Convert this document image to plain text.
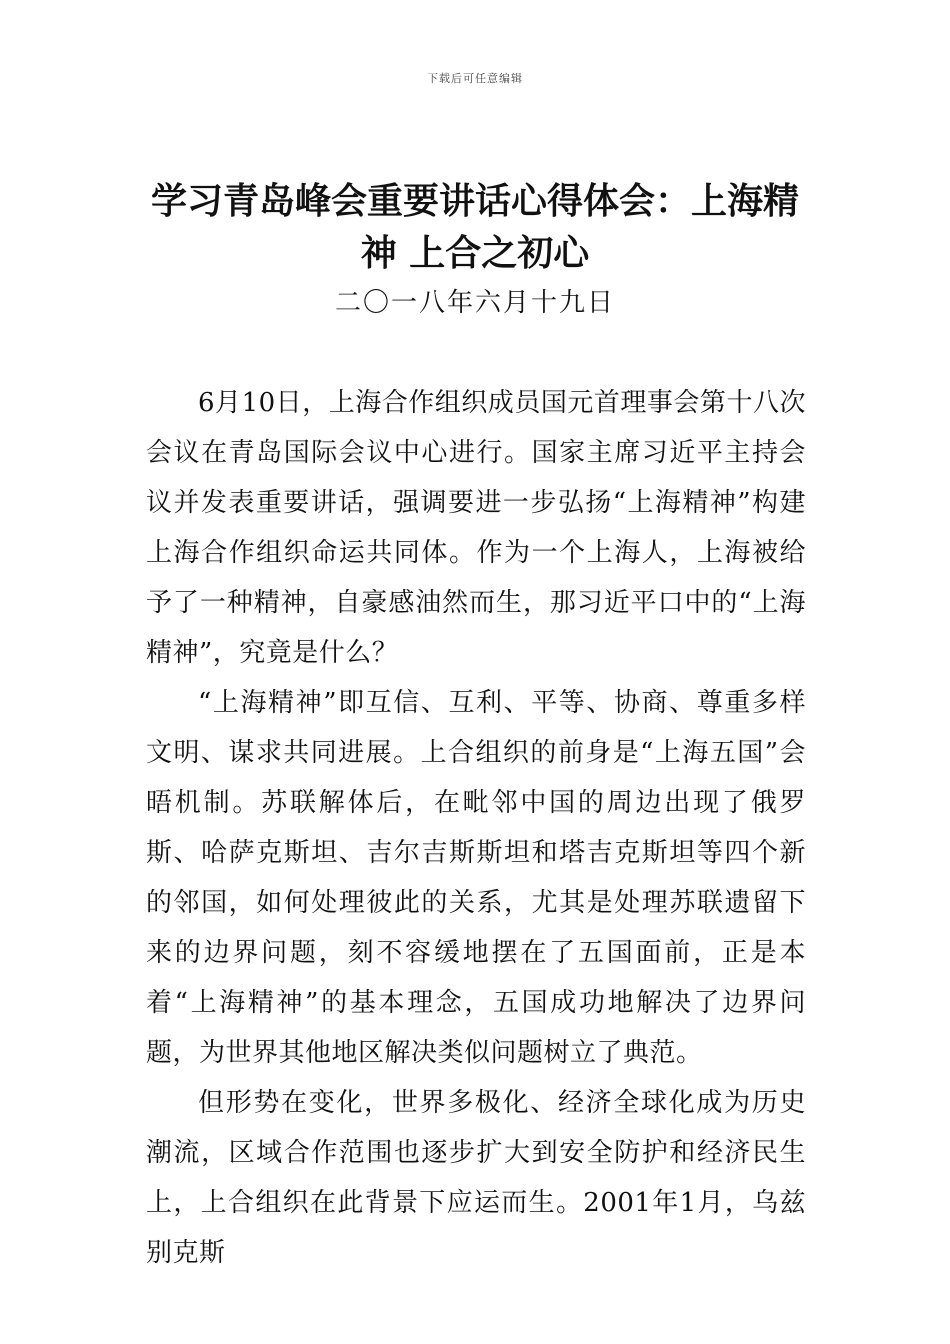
下载后可任意编辑
学习青岛峰会重要讲话心得体会：上海精神 上合之初心
二〇一八年六月十九日

6月10日，上海合作组织成员国元首理事会第十八次会议在青岛国际会议中心进行。国家主席习近平主持会议并发表重要讲话，强调要进一步弘扬“上海精神”构建上海合作组织命运共同体。作为一个上海人，上海被给予了一种精神，自豪感油然而生，那习近平口中的“上海精神”，究竟是什么？

“上海精神”即互信、互利、平等、协商、尊重多样文明、谋求共同进展。上合组织的前身是“上海五国”会晤机制。苏联解体后，在毗邻中国的周边出现了俄罗斯、哈萨克斯坦、吉尔吉斯斯坦和塔吉克斯坦等四个新的邻国，如何处理彼此的关系，尤其是处理苏联遗留下来的边界问题，刻不容缓地摆在了五国面前，正是本着“上海精神”的基本理念，五国成功地解决了边界问题，为世界其他地区解决类似问题树立了典范。

但形势在变化，世界多极化、经济全球化成为历史潮流，区域合作范围也逐步扩大到安全防护和经济民生上，上合组织在此背景下应运而生。2001年1月，乌兹别克斯
